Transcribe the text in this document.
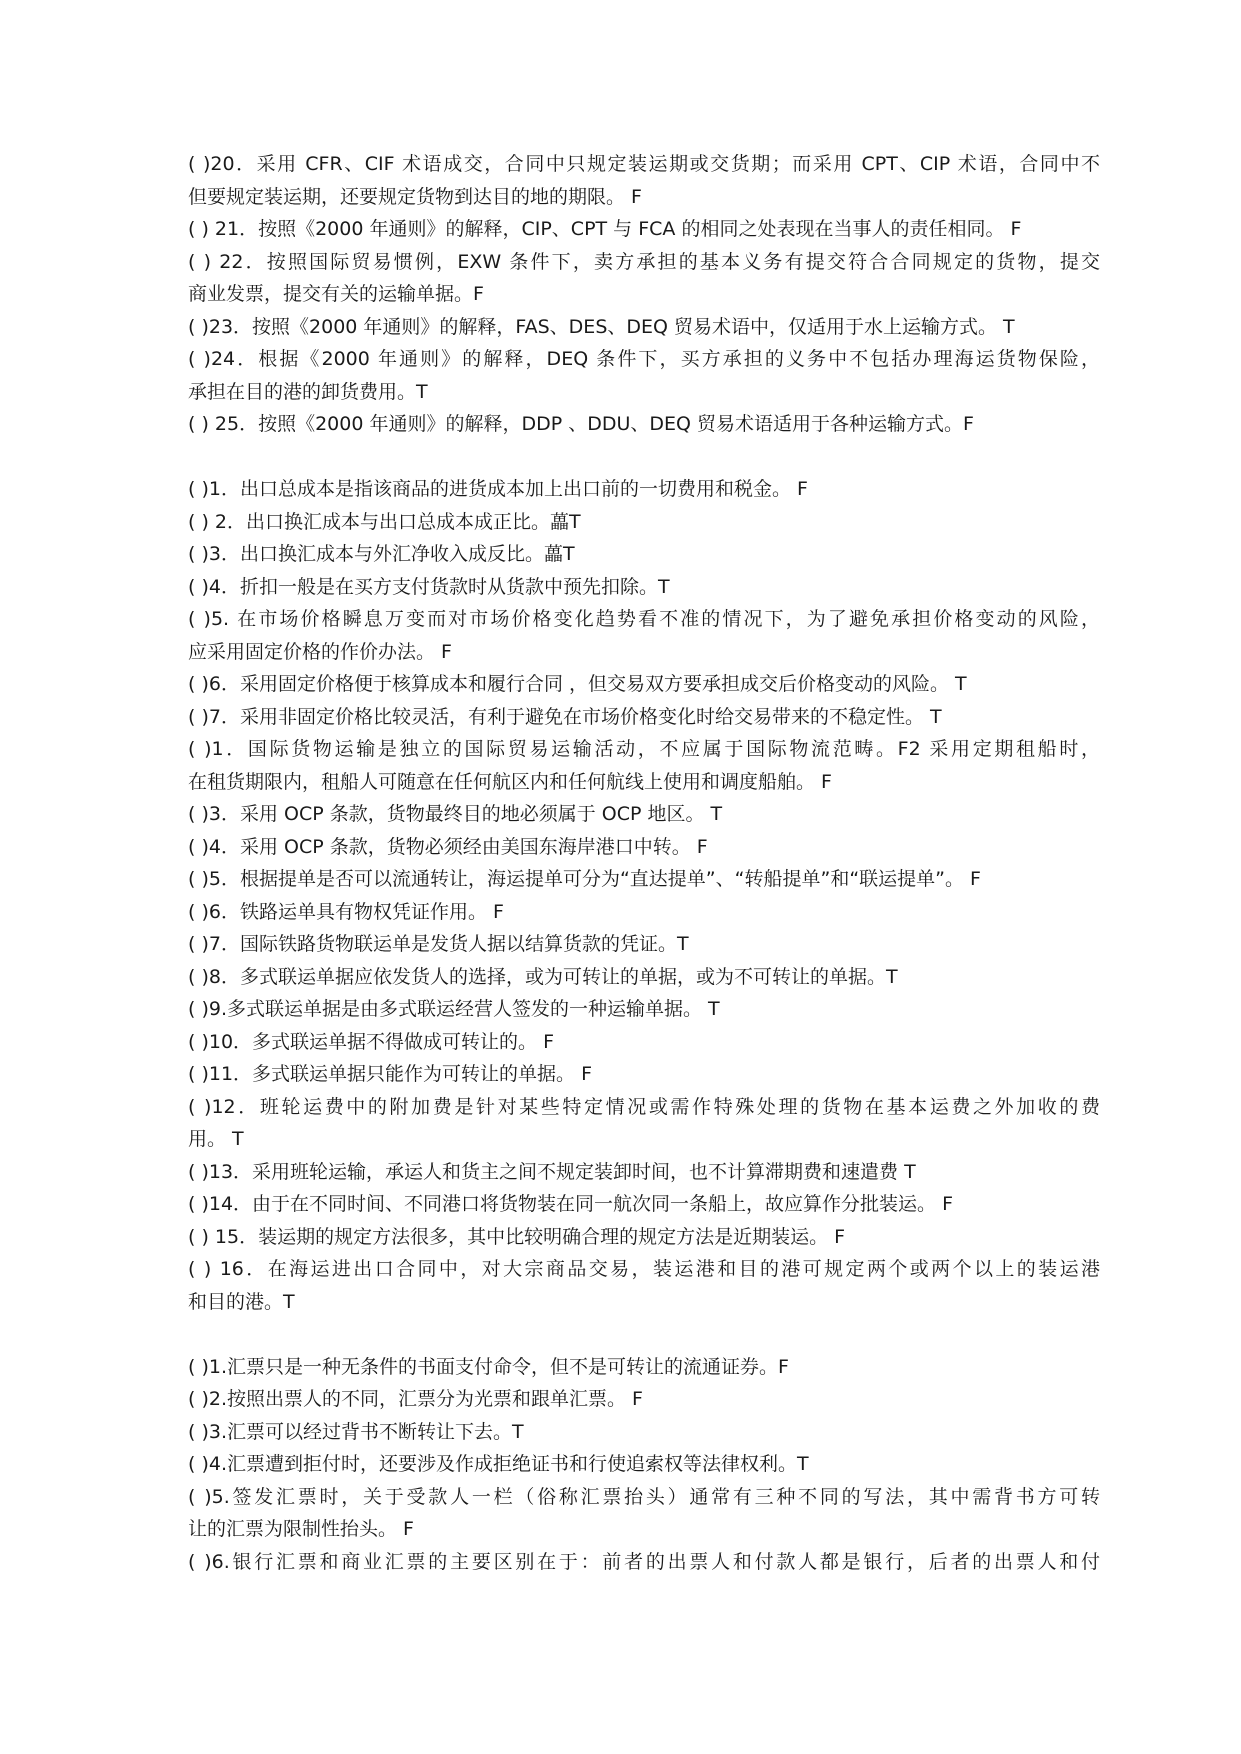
( )20．采用 CFR、CIF 术语成交，合同中只规定装运期或交货期；而采用 CPT、CIP 术语，合同中不
但要规定装运期，还要规定货物到达目的地的期限。 F
( ) 21．按照《2000 年通则》的解释，CIP、CPT 与 FCA 的相同之处表现在当事人的责任相同。 F
( ) 22．按照国际贸易惯例，EXW 条件下，卖方承担的基本义务有提交符合合同规定的货物，提交
商业发票，提交有关的运输单据。F
( )23．按照《2000 年通则》的解释，FAS、DES、DEQ 贸易术语中，仅适用于水上运输方式。 T
( )24．根据《2000 年通则》的解释，DEQ 条件下，买方承担的义务中不包括办理海运货物保险，
承担在目的港的卸货费用。T
( ) 25．按照《2000 年通则》的解释，DDP 、DDU、DEQ 贸易术语适用于各种运输方式。F
( )1．出口总成本是指该商品的进货成本加上出口前的一切费用和税金。 F
( ) 2．出口换汇成本与出口总成本成正比。藟T
( )3．出口换汇成本与外汇净收入成反比。藟T
( )4．折扣一般是在买方支付货款时从货款中预先扣除。T
( )5. 在市场价格瞬息万变而对市场价格变化趋势看不准的情况下，为了避免承担价格变动的风险，
应采用固定价格的作价办法。 F
( )6．采用固定价格便于核算成本和履行合同 ，但交易双方要承担成交后价格变动的风险。 T
( )7．采用非固定价格比较灵活，有利于避免在市场价格变化时给交易带来的不稳定性。 T
( )1．国际货物运输是独立的国际贸易运输活动，不应属于国际物流范畴。F2 采用定期租船时，
在租货期限内，租船人可随意在任何航区内和任何航线上使用和调度船舶。 F
( )3．采用 OCP 条款，货物最终目的地必须属于 OCP 地区。 T
( )4．采用 OCP 条款，货物必须经由美国东海岸港口中转。 F
( )5．根据提单是否可以流通转让，海运提单可分为“直达提单”、“转船提单”和“联运提单”。 F
( )6．铁路运单具有物权凭证作用。 F
( )7．国际铁路货物联运单是发货人据以结算货款的凭证。T
( )8．多式联运单据应依发货人的选择，或为可转让的单据，或为不可转让的单据。T
( )9.多式联运单据是由多式联运经营人签发的一种运输单据。 T
( )10．多式联运单据不得做成可转让的。 F
( )11．多式联运单据只能作为可转让的单据。 F
( )12．班轮运费中的附加费是针对某些特定情况或需作特殊处理的货物在基本运费之外加收的费
用。 T
( )13．采用班轮运输，承运人和货主之间不规定装卸时间，也不计算滞期费和速遣费 T
( )14．由于在不同时间、不同港口将货物装在同一航次同一条船上，故应算作分批装运。 F
( ) 15．装运期的规定方法很多，其中比较明确合理的规定方法是近期装运。 F
( ) 16．在海运进出口合同中，对大宗商品交易，装运港和目的港可规定两个或两个以上的装运港
和目的港。T
( )1.汇票只是一种无条件的书面支付命令，但不是可转让的流通证券。F
( )2.按照出票人的不同，汇票分为光票和跟单汇票。 F
( )3.汇票可以经过背书不断转让下去。T
( )4.汇票遭到拒付时，还要涉及作成拒绝证书和行使追索权等法律权利。T
( )5.签发汇票时，关于受款人一栏（俗称汇票抬头）通常有三种不同的写法，其中需背书方可转
让的汇票为限制性抬头。 F
( )6.银行汇票和商业汇票的主要区别在于：前者的出票人和付款人都是银行，后者的出票人和付
